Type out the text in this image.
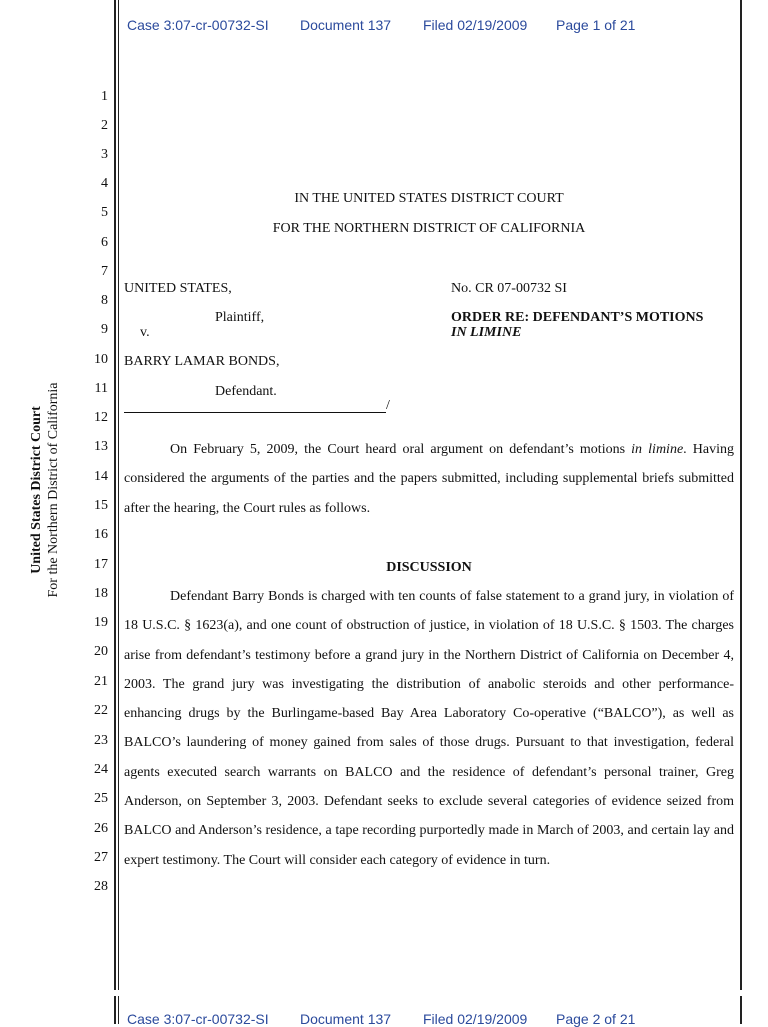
Case 3:07-cr-00732-SI Document 137 Filed 02/19/2009 Page 1 of 21
Case 3:07-cr-00732-SI Document 137 Filed 02/19/2009 Page 2 of 21
United States District Court For the Northern District of California
1
2
3
4
5
6
7
8
9
10
11
12
13
14
15
16
17
18
19
20
21
22
23
24
25
26
27
28
IN THE UNITED STATES DISTRICT COURT
FOR THE NORTHERN DISTRICT OF CALIFORNIA
UNITED STATES,
Plaintiff,
v.
BARRY LAMAR BONDS,
Defendant.
/
No. CR 07-00732 SI
ORDER RE: DEFENDANT’S MOTIONS
IN LIMINE

On February 5, 2009, the Court heard oral argument on defendant’s motions in limine. Having considered the arguments of the parties and the papers submitted, including supplemental briefs submitted after the hearing, the Court rules as follows.

DISCUSSION

Defendant Barry Bonds is charged with ten counts of false statement to a grand jury, in violation of 18 U.S.C. § 1623(a), and one count of obstruction of justice, in violation of 18 U.S.C. § 1503. The charges arise from defendant’s testimony before a grand jury in the Northern District of California on December 4, 2003. The grand jury was investigating the distribution of anabolic steroids and other performance-enhancing drugs by the Burlingame-based Bay Area Laboratory Co-operative (“BALCO”), as well as BALCO’s laundering of money gained from sales of those drugs. Pursuant to that investigation, federal agents executed search warrants on BALCO and the residence of defendant’s personal trainer, Greg Anderson, on September 3, 2003. Defendant seeks to exclude several categories of evidence seized from BALCO and Anderson’s residence, a tape recording purportedly made in March of 2003, and certain lay and expert testimony. The Court will consider each category of evidence in turn.
